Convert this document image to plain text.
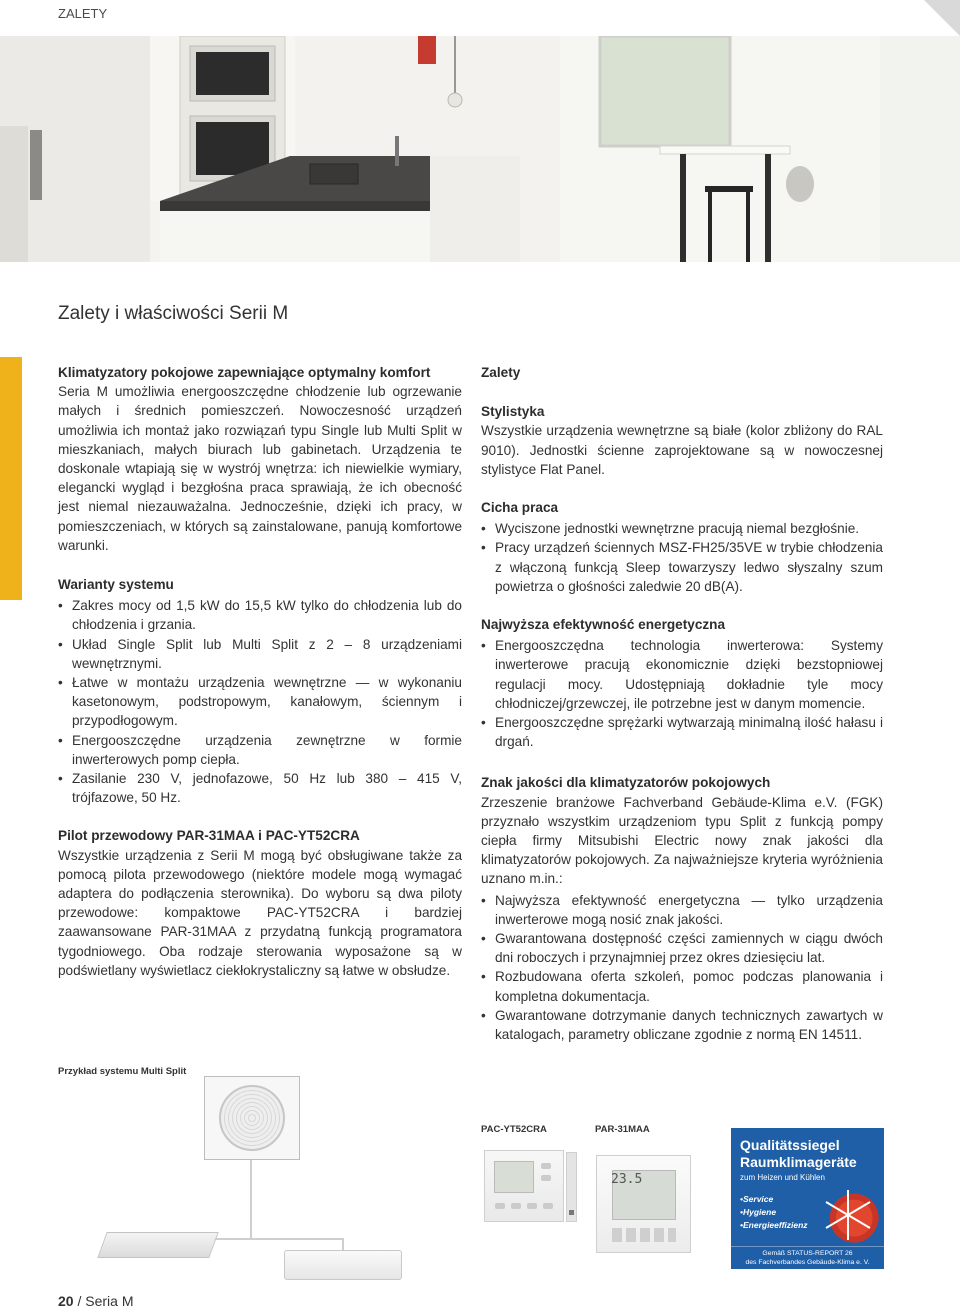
ZALETY
Zalety i właściwości Serii M
Klimatyzatory pokojowe zapewniające optymalny komfort

Seria M umożliwia energooszczędne chłodzenie lub ogrzewanie małych i średnich pomieszczeń. Nowoczesność urządzeń umożliwia ich montaż jako rozwiązań typu Single lub Multi Split w mieszkaniach, małych biurach lub gabinetach. Urządzenia te doskonale wtapiają się w wystrój wnętrza: ich niewielkie wymiary, elegancki wygląd i bezgłośna praca sprawiają, że ich obecność jest niemal niezauważalna. Jednocześnie, dzięki ich pracy, w pomieszczeniach, w których są zainstalowane, panują komfortowe warunki.

Warianty systemu
• Zakres mocy od 1,5 kW do 15,5 kW tylko do chłodzenia lub do chłodzenia i grzania.
• Układ Single Split lub Multi Split z 2 – 8 urządzeniami wewnętrznymi.
• Łatwe w montażu urządzenia wewnętrzne — w wykonaniu kasetonowym, podstropowym, kanałowym, ściennym i przypodłogowym.
• Energooszczędne urządzenia zewnętrzne w formie inwerterowych pomp ciepła.
• Zasilanie 230 V, jednofazowe, 50 Hz lub 380 – 415 V, trójfazowe, 50 Hz.
Pilot przewodowy PAR-31MAA i PAC-YT52CRA

Wszystkie urządzenia z Serii M mogą być obsługiwane także za pomocą pilota przewodowego (niektóre modele mogą wymagać adaptera do podłączenia sterownika). Do wyboru są dwa piloty przewodowe: kompaktowe PAC-YT52CRA i bardziej zaawansowane PAR-31MAA z przydatną funkcją programatora tygodniowego. Oba rodzaje sterowania wyposażone są w podświetlany wyświetlacz ciekłokrystaliczny są łatwe w obsłudze.

Zalety
Stylistyka

Wszystkie urządzenia wewnętrzne są białe (kolor zbliżony do RAL 9010). Jednostki ścienne zaprojektowane są w nowoczesnej stylistyce Flat Panel.

Cicha praca
• Wyciszone jednostki wewnętrzne pracują niemal bezgłośnie.
• Pracy urządzeń ściennych MSZ-FH25/35VE w trybie chłodzenia z włączoną funkcją Sleep towarzyszy ledwo słyszalny szum powietrza o głośności zaledwie 20 dB(A).
Najwyższa efektywność energetyczna
• Energooszczędna technologia inwerterowa: Systemy inwerterowe pracują ekonomicznie dzięki bezstopniowej regulacji mocy. Udostępniają dokładnie tyle mocy chłodniczej/grzewczej, ile potrzebne jest w danym momencie.
• Energooszczędne sprężarki wytwarzają minimalną ilość hałasu i drgań.
Znak jakości dla klimatyzatorów pokojowych

Zrzeszenie branżowe Fachverband Gebäude-Klima e.V. (FGK) przyznało wszystkim urządzeniom typu Split z funkcją pompy ciepła firmy Mitsubishi Electric nowy znak jakości dla klimatyzatorów pokojowych. Za najważniejsze kryteria wyróżnienia uznano m.in.:

• Najwyższa efektywność energetyczna — tylko urządzenia inwerterowe mogą nosić znak jakości.
• Gwarantowana dostępność części zamiennych w ciągu dwóch dni roboczych i przynajmniej przez okres dziesięciu lat.
• Rozbudowana oferta szkoleń, pomoc podczas planowania i kompletna dokumentacja.
• Gwarantowane dotrzymanie danych technicznych zawartych w katalogach, parametry obliczane zgodnie z normą EN 14511.
Przykład systemu Multi Split
PAC-YT52CRA	PAR-31MAA
23.5
Qualitätssiegel
Raumklimageräte
zum Heizen und Kühlen
• Service
• Hygiene
• Energieeffizienz
Gemäß STATUS-REPORT 26
des Fachverbandes Gebäude-Klima e. V.
20 / Seria M
